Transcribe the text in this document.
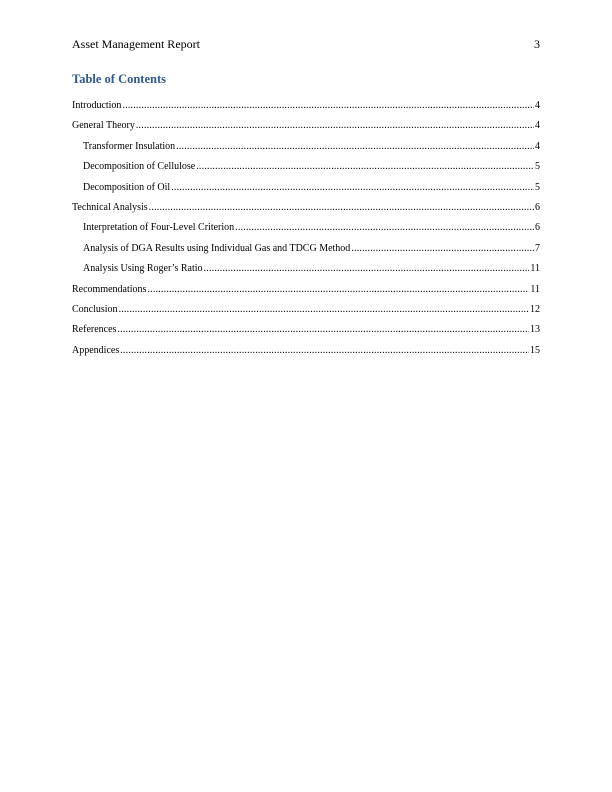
Asset Management Report	3
Table of Contents
Introduction .....	4
General Theory .....	4
Transformer Insulation .....	4
Decomposition of Cellulose .....	5
Decomposition of Oil .....	5
Technical Analysis .....	6
Interpretation of Four-Level Criterion .....	6
Analysis of DGA Results using Individual Gas and TDCG Method .....	7
Analysis Using Roger’s Ratio .....	11
Recommendations .....	11
Conclusion .....	12
References .....	13
Appendices .....	15
